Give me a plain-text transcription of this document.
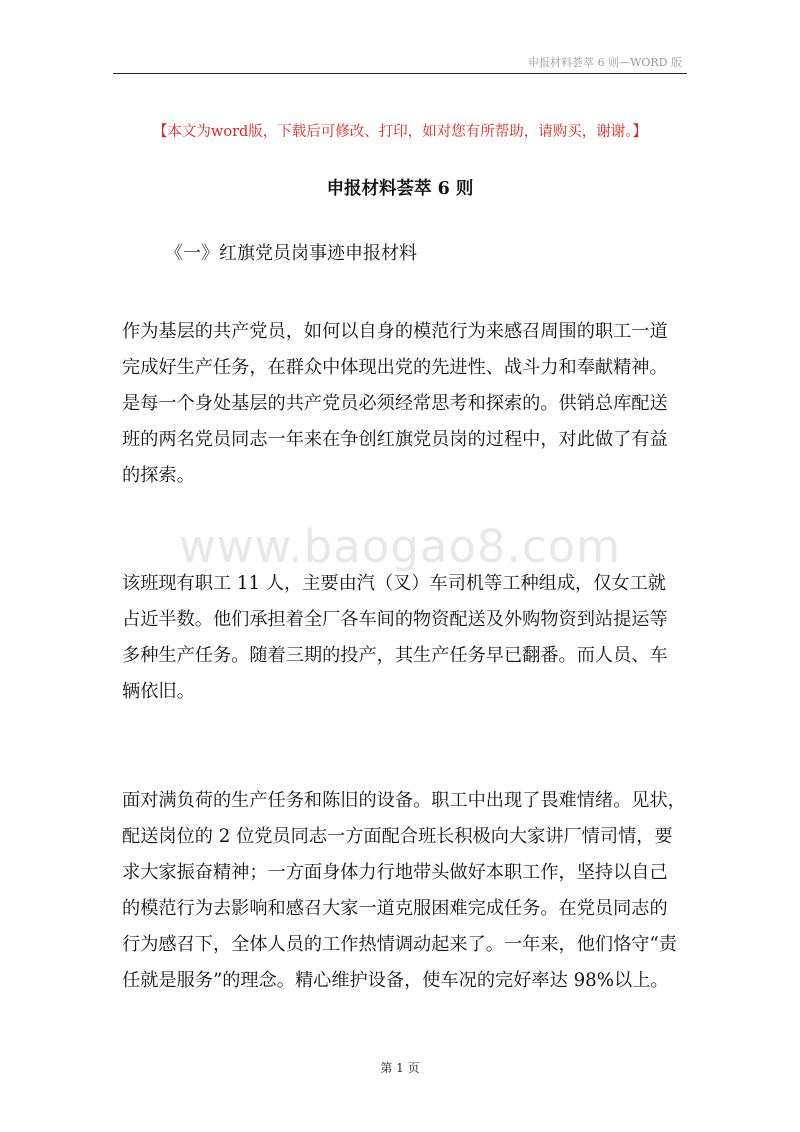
申报材料荟萃 6 则—WORD 版
【本文为word版，下载后可修改、打印，如对您有所帮助，请购买，谢谢。】
申报材料荟萃 6 则
《一》红旗党员岗事迹申报材料
作为基层的共产党员，如何以自身的模范行为来感召周围的职工一道
完成好生产任务，在群众中体现出党的先进性、战斗力和奉献精神。
是每一个身处基层的共产党员必须经常思考和探索的。供销总库配送
班的两名党员同志一年来在争创红旗党员岗的过程中，对此做了有益
的探索。
www.baogao8.com
该班现有职工 11 人，主要由汽（叉）车司机等工种组成，仅女工就
占近半数。他们承担着全厂各车间的物资配送及外购物资到站提运等
多种生产任务。随着三期的投产，其生产任务早已翻番。而人员、车
辆依旧。
面对满负荷的生产任务和陈旧的设备。职工中出现了畏难情绪。见状，
配送岗位的 2 位党员同志一方面配合班长积极向大家讲厂情司情，要
求大家振奋精神；一方面身体力行地带头做好本职工作，坚持以自己
的模范行为去影响和感召大家一道克服困难完成任务。在党员同志的
行为感召下，全体人员的工作热情调动起来了。一年来，他们恪守“责
任就是服务”的理念。精心维护设备，使车况的完好率达 98%以上。
第 1 页
